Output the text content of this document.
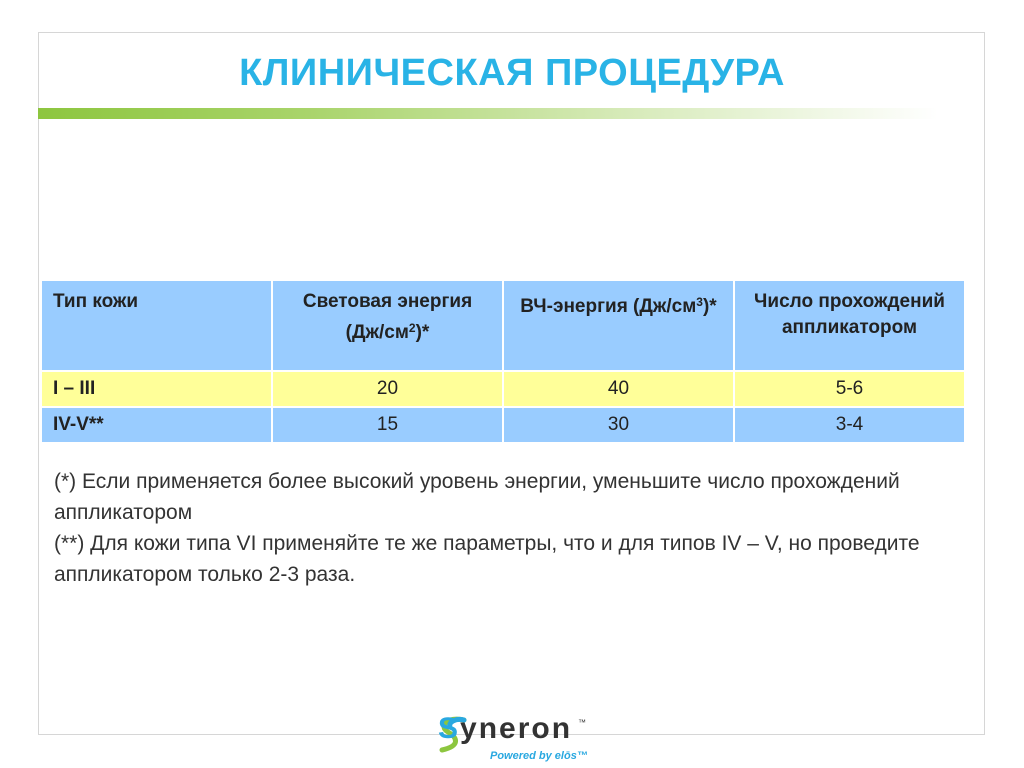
КЛИНИЧЕСКАЯ ПРОЦЕДУРА
Тип кожи	Световая энергия $(Дж/см^2)*$	ВЧ-энергия $(Дж/см^3)*$	Число прохождений аппликатором
I – III	20	40	5-6
IV-V**	15	30	3-4

(*) Если применяется более высокий уровень энергии, уменьшите число прохождений аппликатором

(**) Для кожи типа VI применяйте те же параметры, что и для типов IV – V, но проведите аппликатором только 2-3 раза.

Syneron ™
Powered by elōs™
